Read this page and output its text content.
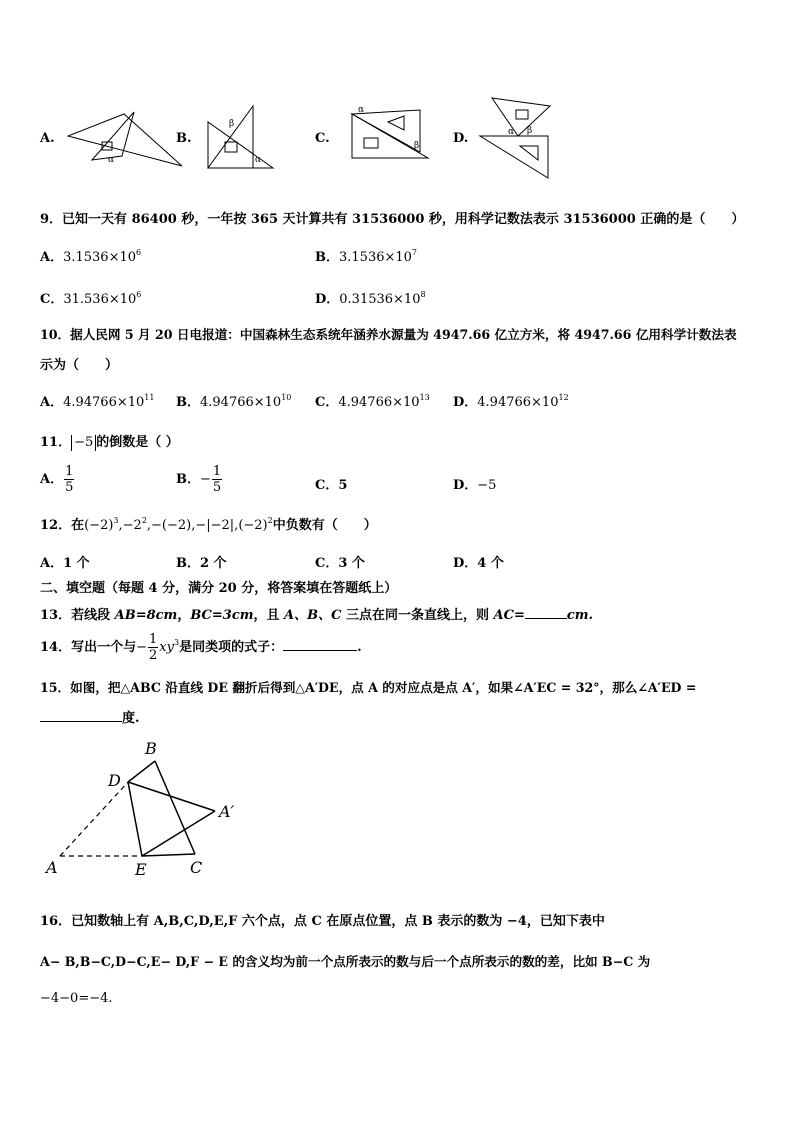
A.
α
B.
β
α
C.
α
β	D.	α β
9．已知一天有 86400 秒，一年按 365 天计算共有 31536000 秒，用科学记数法表示 31536000 正确的是（　　）
A．$3.1536\times 10^6$	B．$3.1536\times 10^7$
C．$31.536\times 10^6$	D．$0.31536\times 10^8$
10．据人民网 5 月 20 日电报道：中国森林生态系统年涵养水源量为 4947.66 亿立方米，将 4947.66 亿用科学计数法表
示为（　　）
A．$4.94766\times 10^{11}$ B．$4.94766\times 10^{10}$ C．$4.94766\times 10^{13}$ D．$4.94766\times 10^{12}$
11． −5 的倒数是（ ）
A． $\frac{1}{5}$	B．− $\frac{1}{5}$	C．5	D．−5
12．在$(-2)^3,-2^2,-(-2),-|-2|,(-2)^2$中负数有（　　）
A．1 个	B．2 个	C．3 个	D．4 个
二、填空题（每题 4 分，满分 20 分，将答案填在答题纸上）
13．若线段 AB=8cm，BC=3cm，且 A、B、C 三点在同一条直线上，则 AC=	cm.
14．写出一个与− $\frac{1}{2} xy^3$是同类项的式子：	.
15．如图，把△ABC 沿直线 DE 翻折后得到△A′DE，点 A 的对应点是点 A′，如果∠A′EC = 32°，那么∠A′ED =
度.
B
D
A′
A	E	C
16．已知数轴上有 A,B,C,D,E,F 六个点，点 C 在原点位置，点 B 表示的数为 −4，已知下表中
A− B,B−C,D−C,E− D,F − E 的含义均为前一个点所表示的数与后一个点所表示的数的差，比如 B−C 为
−4−0=−4.
